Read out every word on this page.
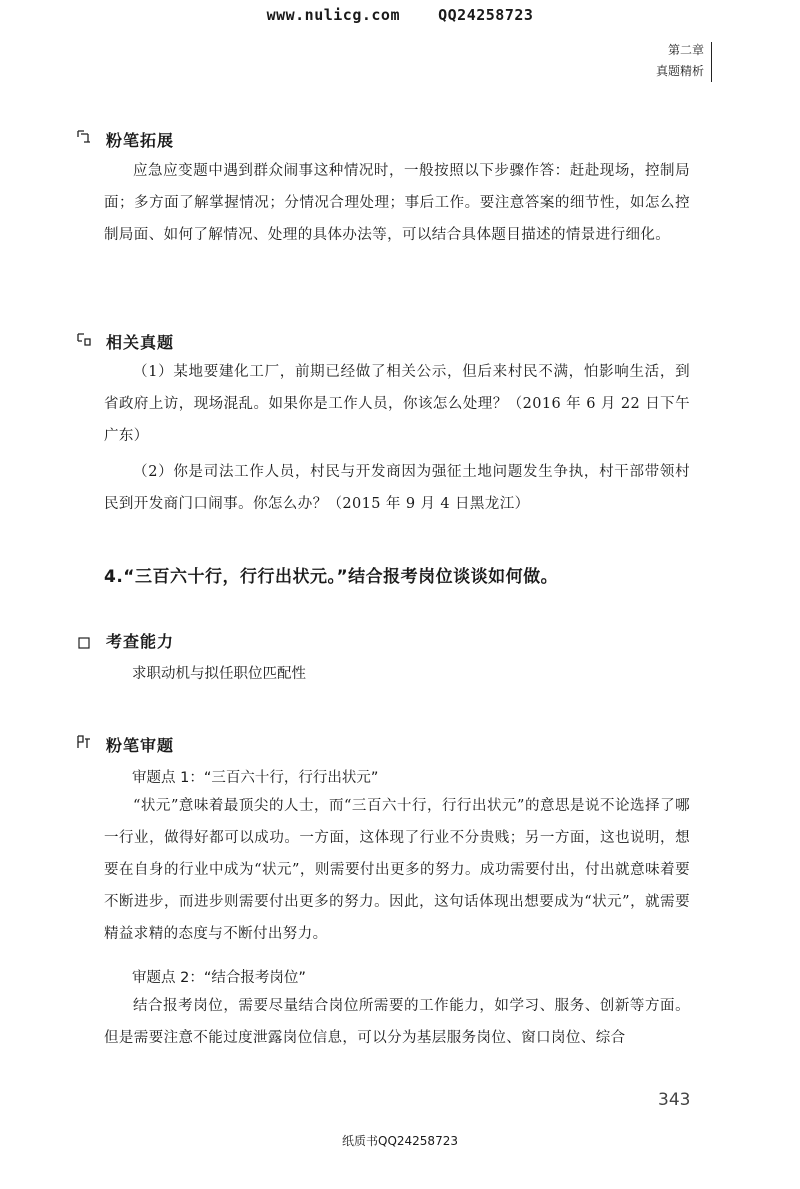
www.nulicg.com	QQ24258723
第二章
真题精析
粉笔拓展
应急应变题中遇到群众闹事这种情况时，一般按照以下步骤作答：赶赴现场，控制局面；多方面了解掌握情况；分情况合理处理；事后工作。要注意答案的细节性，如怎么控制局面、如何了解情况、处理的具体办法等，可以结合具体题目描述的情景进行细化。
相关真题
（1）某地要建化工厂，前期已经做了相关公示，但后来村民不满，怕影响生活，到省政府上访，现场混乱。如果你是工作人员，你该怎么处理？（2016 年 6 月 22 日下午广东）
（2）你是司法工作人员，村民与开发商因为强征土地问题发生争执，村干部带领村民到开发商门口闹事。你怎么办？（2015 年 9 月 4 日黑龙江）
4.“三百六十行，行行出状元。”结合报考岗位谈谈如何做。
考查能力
求职动机与拟任职位匹配性
粉笔审题
审题点 1：“三百六十行，行行出状元”
“状元”意味着最顶尖的人士，而“三百六十行，行行出状元”的意思是说不论选择了哪一行业，做得好都可以成功。一方面，这体现了行业不分贵贱；另一方面，这也说明，想要在自身的行业中成为“状元”，则需要付出更多的努力。成功需要付出，付出就意味着要不断进步，而进步则需要付出更多的努力。因此，这句话体现出想要成为“状元”，就需要精益求精的态度与不断付出努力。
审题点 2：“结合报考岗位”
结合报考岗位，需要尽量结合岗位所需要的工作能力，如学习、服务、创新等方面。但是需要注意不能过度泄露岗位信息，可以分为基层服务岗位、窗口岗位、综合
343
纸质书QQ24258723
